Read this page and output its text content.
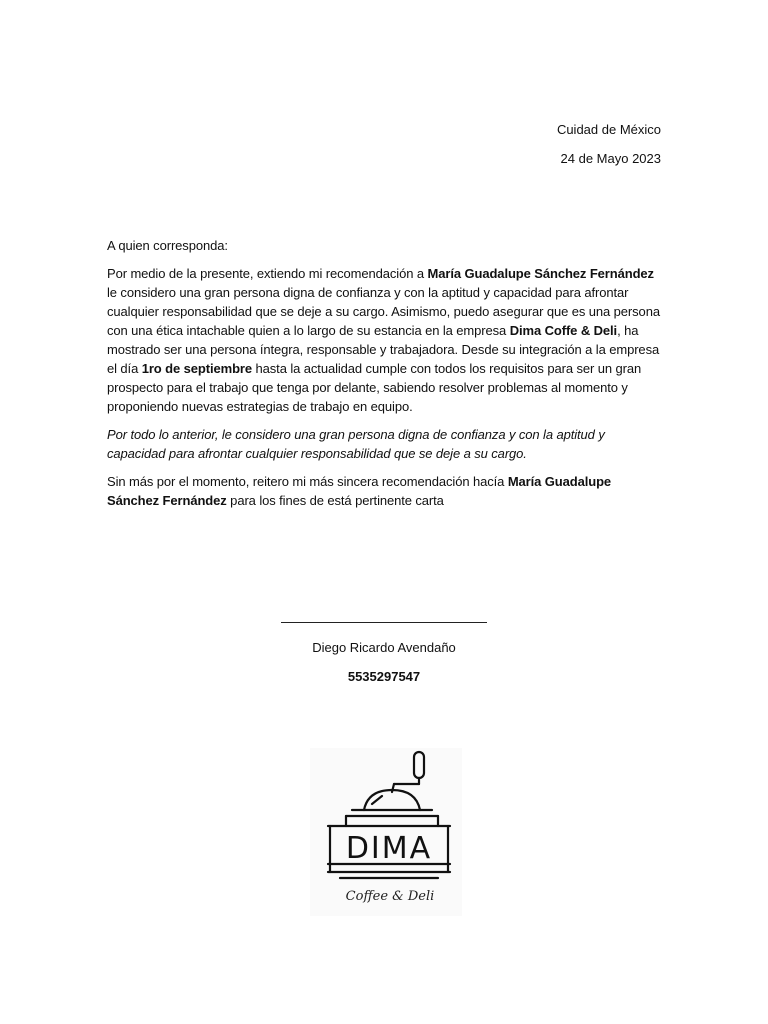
Cuidad de México
24 de Mayo 2023

A quien corresponda:

Por medio de la presente, extiendo mi recomendación a María Guadalupe Sánchez Fernández le considero una gran persona digna de confianza y con la aptitud y capacidad para afrontar cualquier responsabilidad que se deje a su cargo. Asimismo, puedo asegurar que es una persona con una ética intachable quien a lo largo de su estancia en la empresa Dima Coffe & Deli, ha mostrado ser una persona íntegra, responsable y trabajadora. Desde su integración a la empresa el día 1ro de septiembre hasta la actualidad cumple con todos los requisitos para ser un gran prospecto para el trabajo que tenga por delante, sabiendo resolver problemas al momento y proponiendo nuevas estrategias de trabajo en equipo.

Por todo lo anterior, le considero una gran persona digna de confianza y con la aptitud y capacidad para afrontar cualquier responsabilidad que se deje a su cargo.

Sin más por el momento, reitero mi más sincera recomendación hacía María Guadalupe Sánchez Fernández para los fines de está pertinente carta

Diego Ricardo Avendaño
5535297547
DIMA
Coffee & Deli
